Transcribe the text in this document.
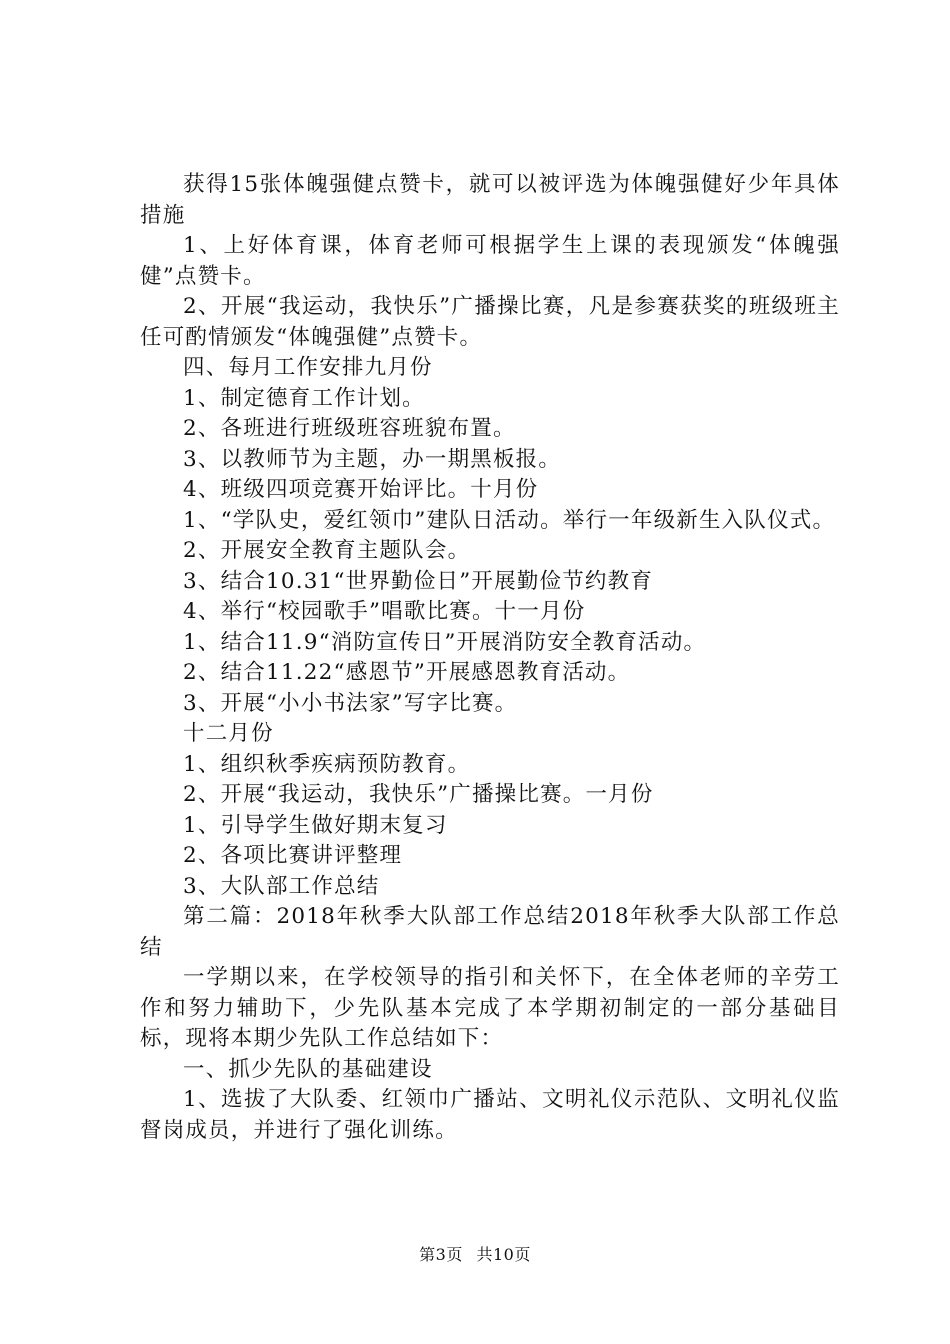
获得15张体魄强健点赞卡，就可以被评选为体魄强健好少年具体措施

1、上好体育课，体育老师可根据学生上课的表现颁发“体魄强健”点赞卡。

2、开展“我运动，我快乐”广播操比赛，凡是参赛获奖的班级班主任可酌情颁发“体魄强健”点赞卡。

四、每月工作安排九月份

1、制定德育工作计划。

2、各班进行班级班容班貌布置。

3、以教师节为主题，办一期黑板报。

4、班级四项竞赛开始评比。十月份

1、“学队史，爱红领巾”建队日活动。举行一年级新生入队仪式。

2、开展安全教育主题队会。

3、结合10.31“世界勤俭日”开展勤俭节约教育

4、举行“校园歌手”唱歌比赛。十一月份

1、结合11.9“消防宣传日”开展消防安全教育活动。

2、结合11.22“感恩节”开展感恩教育活动。

3、开展“小小书法家”写字比赛。

十二月份

1、组织秋季疾病预防教育。

2、开展“我运动，我快乐”广播操比赛。一月份

1、引导学生做好期末复习

2、各项比赛讲评整理

3、大队部工作总结

第二篇：2018年秋季大队部工作总结2018年秋季大队部工作总结

一学期以来，在学校领导的指引和关怀下，在全体老师的辛劳工作和努力辅助下，少先队基本完成了本学期初制定的一部分基础目标，现将本期少先队工作总结如下：

一、抓少先队的基础建设

1、选拔了大队委、红领巾广播站、文明礼仪示范队、文明礼仪监督岗成员，并进行了强化训练。

第3页 共10页
